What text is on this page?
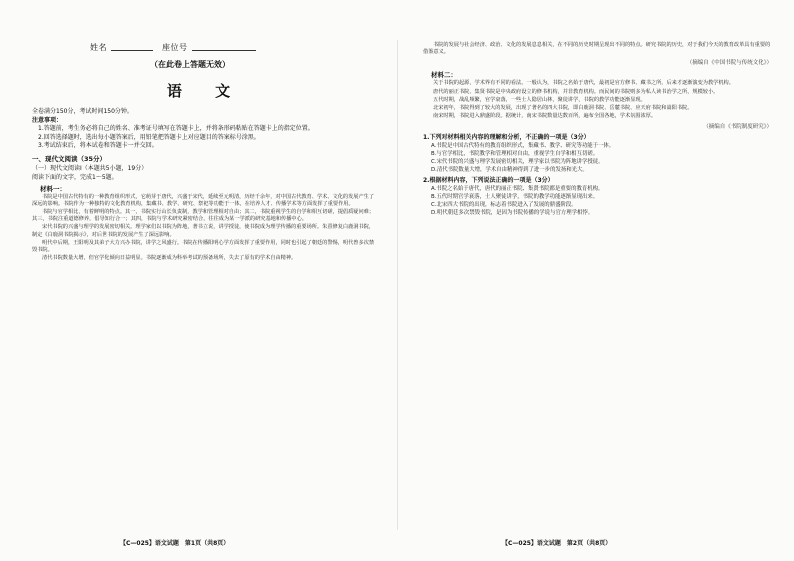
姓名	座位号
（在此卷上答题无效）
语 文

全卷满分150分，考试时间150分钟。

注意事项：

1.答题前，考生务必将自己的姓名、准考证号填写在答题卡上，并将条形码粘贴在答题卡上的指定位置。
2.回答选择题时，选出每小题答案后，用铅笔把答题卡上对应题目的答案标号涂黑。
3.考试结束后，将本试卷和答题卡一并交回。
一、现代文阅读（35分）
（一）现代文阅读Ⅰ（本题共5小题，19分）
阅读下面的文字，完成1～5题。
材料一：

书院是中国古代特有的一种教育组织形式，它萌芽于唐代，兴盛于宋代，延续至元明清，历经千余年，对中国古代教育、学术、文化的发展产生了深远的影响。书院作为一种独特的文化教育机构，集藏书、教学、研究、祭祀等功能于一体，在培养人才、传播学术等方面发挥了重要作用。

书院与官学相比，有着鲜明的特点。其一，书院实行山长负责制，教学和管理相对自由；其二，书院重视学生的自学和相互切磋，提倡质疑问难；其三，书院注重道德修养，倡导知行合一；其四，书院与学术研究紧密结合，往往成为某一学派的研究基地和传播中心。

宋代书院的兴盛与理学的发展密切相关。理学家们以书院为阵地，著书立说，讲学授徒，使书院成为理学传播的重要场所。朱熹修复白鹿洞书院，制定《白鹿洞书院揭示》，对后世书院的发展产生了深远影响。

明代中后期，王阳明及其弟子大力兴办书院，讲学之风盛行。书院在传播阳明心学方面发挥了重要作用，同时也引起了朝廷的警惕，明代曾多次禁毁书院。

清代书院数量大增，但官学化倾向日益明显。书院逐渐成为科举考试的预备场所，失去了原有的学术自由精神。

【C—025】语文试题　第1页（共8页）

书院的发展与社会经济、政治、文化的发展息息相关，在不同的历史时期呈现出不同的特点。研究书院的历史，对于我们今天的教育改革具有重要的借鉴意义。

（摘编自《中国书院与传统文化》）
材料二：

关于书院的起源，学术界有不同的看法。一般认为，书院之名始于唐代，最初是官方修书、藏书之所，后来才逐渐演变为教学机构。

唐代的丽正书院、集贤书院是中央政府设立的修书机构，并非教育机构。而民间的书院则多为私人读书治学之所，规模较小。

五代时期，战乱频繁，官学衰落，一些士人隐居山林，聚徒讲学，书院的教学功能逐渐显现。

北宋初年，书院得到了较大的发展，出现了著名的四大书院，即白鹿洞书院、岳麓书院、应天府书院和嵩阳书院。

南宋时期，书院进入鼎盛阶段。据统计，南宋书院数量达数百所，遍布全国各地，学术氛围浓厚。

（摘编自《书院制度研究》）
1.下列对材料相关内容的理解和分析，不正确的一项是（3分）
A.书院是中国古代特有的教育组织形式，集藏书、教学、研究等功能于一体。
B.与官学相比，书院教学和管理相对自由，重视学生自学和相互切磋。
C.宋代书院的兴盛与理学发展密切相关，理学家以书院为阵地讲学授徒。
D.清代书院数量大增，学术自由精神得到了进一步的发扬和光大。
2.根据材料内容，下列说法正确的一项是（3分）
A.书院之名始于唐代，唐代的丽正书院、集贤书院都是重要的教育机构。
B.五代时期官学衰落，士人聚徒讲学，书院的教学功能逐渐显现出来。
C.北宋四大书院的出现，标志着书院进入了发展的鼎盛阶段。
D.明代朝廷多次禁毁书院，是因为书院传播的学说与官方理学相悖。
【C—025】语文试题　第2页（共8页）
